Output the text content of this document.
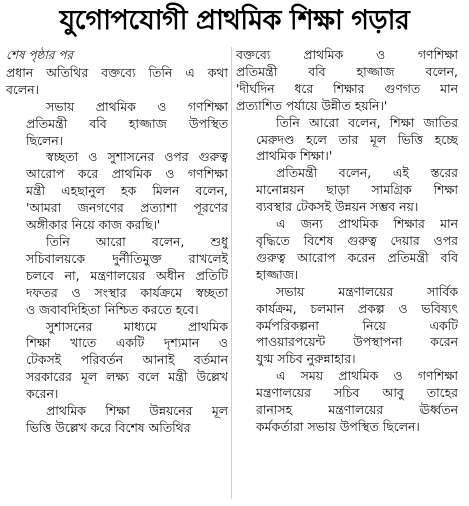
যুগোপযোগী প্রাথমিক শিক্ষা গড়ার
শেষ পৃষ্ঠার পর
প্রধান অতিথির বক্তব্যে তিনি এ কথা
বলেন।
সভায় প্রাথমিক ও গণশিক্ষা
প্রতিমন্ত্রী ববি হাজ্জাজ উপস্থিত
ছিলেন।
স্বচ্ছতা ও সুশাসনের ওপর গুরুত্ব
আরোপ করে প্রাথমিক ও গণশিক্ষা
মন্ত্রী এহছানুল হক মিলন বলেন,
'আমরা জনগণের প্রত্যাশা পূরণের
অঙ্গীকার নিয়ে কাজ করছি।'
তিনি আরো বলেন, শুধু
সচিবালয়কে দুর্নীতিমুক্ত রাখলেই
চলবে না, মন্ত্রণালয়ের অধীন প্রতিটি
দফতর ও সংস্থার কার্যক্রমে স্বচ্ছতা
ও জবাবদিহিতা নিশ্চিত করতে হবে।
সুশাসনের মাধ্যমে প্রাথমিক
শিক্ষা খাতে একটি দৃশ্যমান ও
টেকসই পরিবর্তন আনাই বর্তমান
সরকারের মূল লক্ষ্য বলে মন্ত্রী উল্লেখ
করেন।
প্রাথমিক শিক্ষা উন্নয়নের মূল
ভিত্তি উল্লেখ করে বিশেষ অতিথির
বক্তব্যে প্রাথমিক ও গণশিক্ষা
প্রতিমন্ত্রী ববি হাজ্জাজ বলেন,
'দীর্ঘদিন ধরে শিক্ষার গুণগত মান
প্রত্যাশিত পর্যায়ে উন্নীত হয়নি।'
তিনি আরো বলেন, শিক্ষা জাতির
মেরুদণ্ড হলে তার মূল ভিত্তি হচ্ছে
প্রাথমিক শিক্ষা।'
প্রতিমন্ত্রী বলেন, এই স্তরের
মানোন্নয়ন ছাড়া সামগ্রিক শিক্ষা
ব্যবস্থার টেকসই উন্নয়ন সম্ভব নয়।
এ জন্য প্রাথমিক শিক্ষার মান
বৃদ্ধিতে বিশেষ গুরুত্ব দেয়ার ওপর
গুরুত্ব আরোপ করেন প্রতিমন্ত্রী ববি
হাজ্জাজ।
সভায় মন্ত্রণালয়ের সার্বিক
কার্যক্রম, চলমান প্রকল্প ও ভবিষ্যৎ
কর্মপরিকল্পনা নিয়ে একটি
পাওয়ারপয়েন্ট উপস্থাপনা করেন
যুগ্ম সচিব নুরুন্নাহার।
এ সময় প্রাথমিক ও গণশিক্ষা
মন্ত্রণালয়ের সচিব আবু তাহের
রানাসহ মন্ত্রণালয়ের ঊর্ধ্বতন
কর্মকর্তারা সভায় উপস্থিত ছিলেন।
